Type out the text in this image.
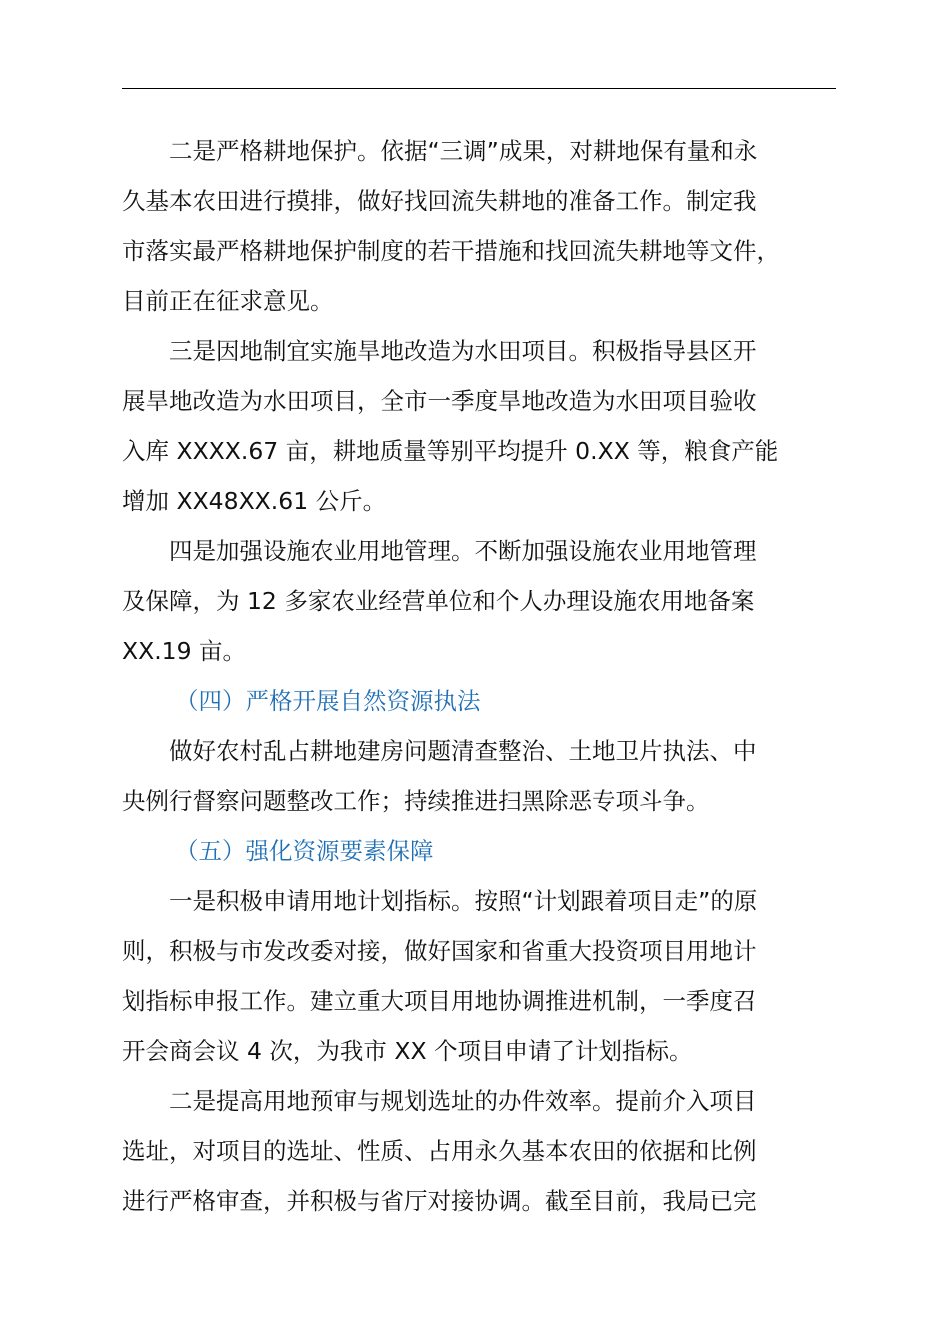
二是严格耕地保护。依据“三调”成果，对耕地保有量和永
久基本农田进行摸排，做好找回流失耕地的准备工作。制定我
市落实最严格耕地保护制度的若干措施和找回流失耕地等文件，
目前正在征求意见。

三是因地制宜实施旱地改造为水田项目。积极指导县区开
展旱地改造为水田项目，全市一季度旱地改造为水田项目验收
入库 XXXX.67 亩，耕地质量等别平均提升 0.XX 等，粮食产能
增加 XX48XX.61 公斤。

四是加强设施农业用地管理。不断加强设施农业用地管理
及保障，为 12 多家农业经营单位和个人办理设施农用地备案
XX.19 亩。

（四）严格开展自然资源执法

做好农村乱占耕地建房问题清查整治、土地卫片执法、中
央例行督察问题整改工作；持续推进扫黑除恶专项斗争。

（五）强化资源要素保障

一是积极申请用地计划指标。按照“计划跟着项目走”的原
则，积极与市发改委对接，做好国家和省重大投资项目用地计
划指标申报工作。建立重大项目用地协调推进机制，一季度召
开会商会议 4 次，为我市 XX 个项目申请了计划指标。

二是提高用地预审与规划选址的办件效率。提前介入项目
选址，对项目的选址、性质、占用永久基本农田的依据和比例
进行严格审查，并积极与省厅对接协调。截至目前，我局已完
